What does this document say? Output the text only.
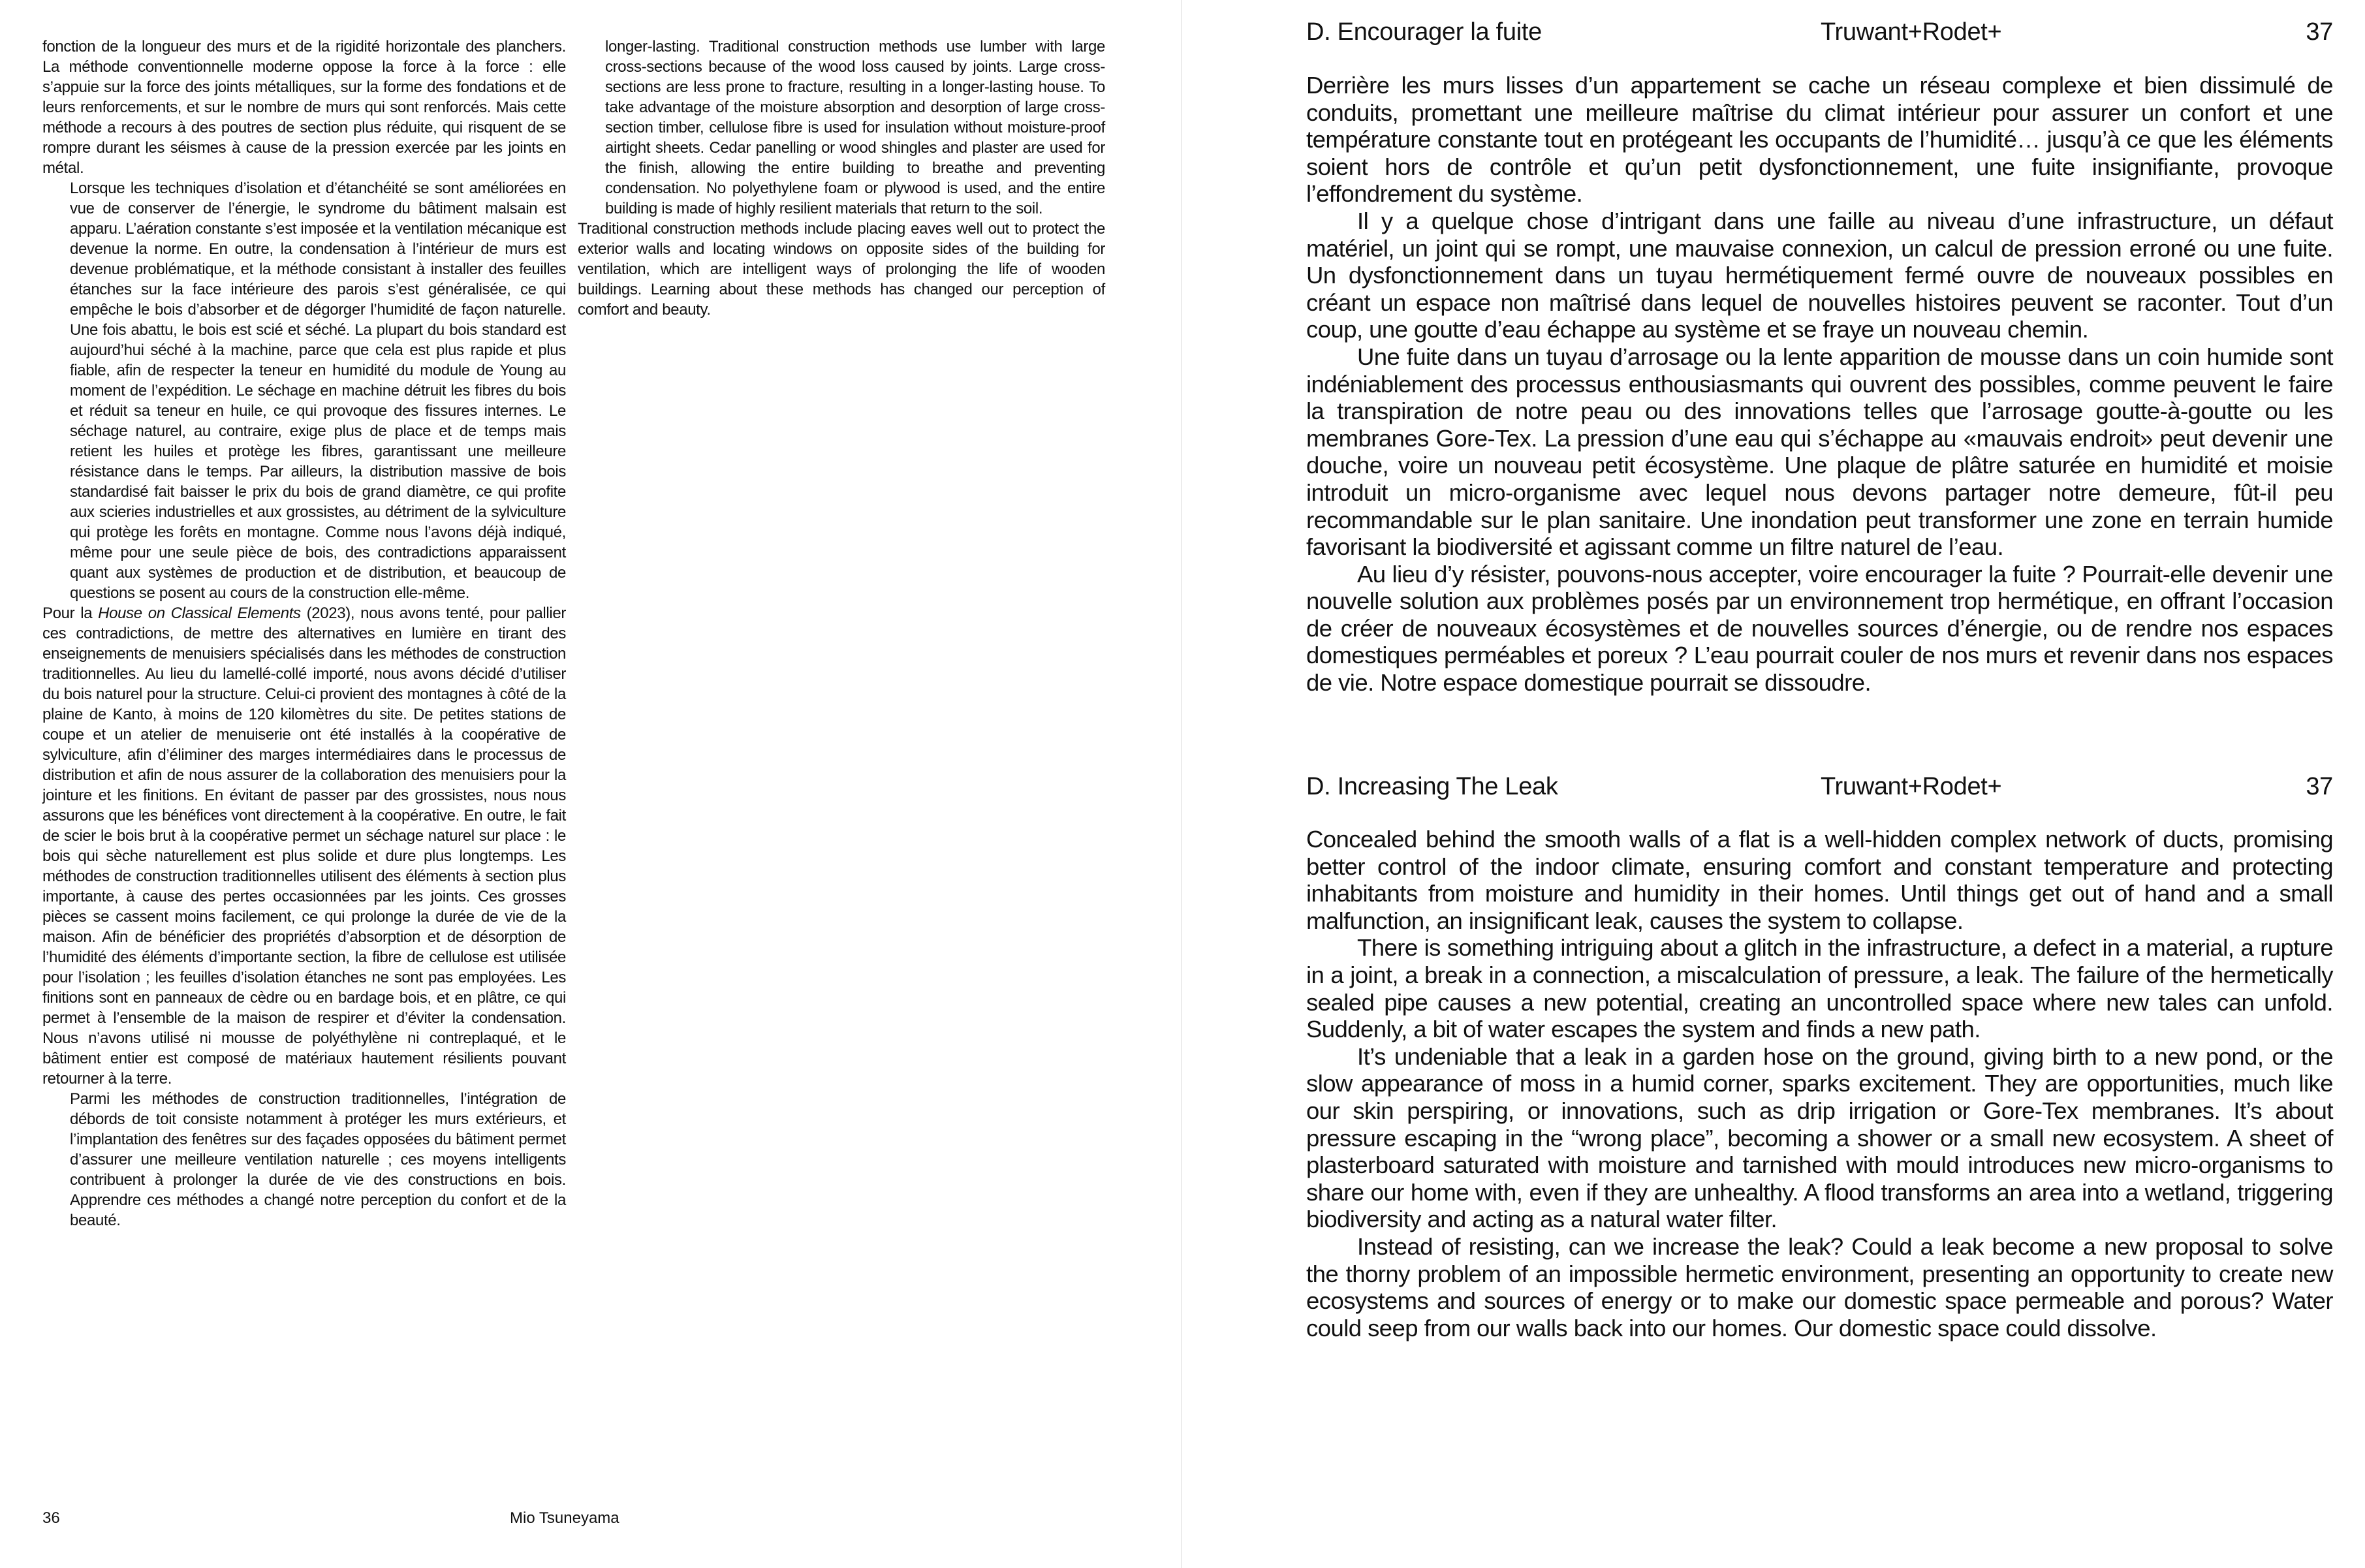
fonction de la longueur des murs et de la rigidité horizontale des planchers. La méthode conventionnelle moderne oppose la force à la force : elle s’appuie sur la force des joints métalliques, sur la forme des fondations et de leurs renforcements, et sur le nombre de murs qui sont renforcés. Mais cette méthode a recours à des poutres de section plus réduite, qui risquent de se rompre durant les séismes à cause de la pression exercée par les joints en métal.

Lorsque les techniques d’isolation et d’étanchéité se sont améliorées en vue de conserver de l’énergie, le syndrome du bâtiment malsain est apparu. L’aération constante s’est imposée et la ventilation mécanique est devenue la norme. En outre, la condensation à l’intérieur de murs est devenue problématique, et la méthode consistant à installer des feuilles étanches sur la face intérieure des parois s’est généralisée, ce qui empêche le bois d’absorber et de dégorger l’humidité de façon naturelle. Une fois abattu, le bois est scié et séché. La plupart du bois standard est aujourd’hui séché à la machine, parce que cela est plus rapide et plus fiable, afin de respecter la teneur en humidité du module de Young au moment de l’expédition. Le séchage en machine détruit les fibres du bois et réduit sa teneur en huile, ce qui provoque des fissures internes. Le séchage naturel, au contraire, exige plus de place et de temps mais retient les huiles et protège les fibres, garantissant une meilleure résistance dans le temps. Par ailleurs, la distribution massive de bois standardisé fait baisser le prix du bois de grand diamètre, ce qui profite aux scieries industrielles et aux grossistes, au détriment de la sylviculture qui protège les forêts en montagne. Comme nous l’avons déjà indiqué, même pour une seule pièce de bois, des contradictions apparaissent quant aux systèmes de production et de distribution, et beaucoup de questions se posent au cours de la construction elle-même.

Pour la House on Classical Elements (2023), nous avons tenté, pour pallier ces contradictions, de mettre des alternatives en lumière en tirant des enseignements de menuisiers spécialisés dans les méthodes de construction traditionnelles. Au lieu du lamellé-collé importé, nous avons décidé d’utiliser du bois naturel pour la structure. Celui-ci provient des montagnes à côté de la plaine de Kanto, à moins de 120 kilomètres du site. De petites stations de coupe et un atelier de menuiserie ont été installés à la coopérative de sylviculture, afin d’éliminer des marges intermédiaires dans le processus de distribution et afin de nous assurer de la collaboration des menuisiers pour la jointure et les finitions. En évitant de passer par des grossistes, nous nous assurons que les bénéfices vont directement à la coopérative. En outre, le fait de scier le bois brut à la coopérative permet un séchage naturel sur place : le bois qui sèche naturellement est plus solide et dure plus longtemps. Les méthodes de construction traditionnelles utilisent des éléments à section plus importante, à cause des pertes occasionnées par les joints. Ces grosses pièces se cassent moins facilement, ce qui prolonge la durée de vie de la maison. Afin de bénéficier des propriétés d’absorption et de désorption de l’humidité des éléments d’importante section, la fibre de cellulose est utilisée pour l’isolation ; les feuilles d’isolation étanches ne sont pas employées. Les finitions sont en panneaux de cèdre ou en bardage bois, et en plâtre, ce qui permet à l’ensemble de la maison de respirer et d’éviter la condensation. Nous n’avons utilisé ni mousse de polyéthylène ni contreplaqué, et le bâtiment entier est composé de matériaux hautement résilients pouvant retourner à la terre.

Parmi les méthodes de construction traditionnelles, l’intégration de débords de toit consiste notamment à protéger les murs extérieurs, et l’implantation des fenêtres sur des façades opposées du bâtiment permet d’assurer une meilleure ventilation naturelle ; ces moyens intelligents contribuent à prolonger la durée de vie des constructions en bois. Apprendre ces méthodes a changé notre perception du confort et de la beauté.

longer-lasting. Traditional construction methods use lumber with large cross-sections because of the wood loss caused by joints. Large cross-sections are less prone to fracture, resulting in a longer-lasting house. To take advantage of the moisture absorption and desorption of large cross-section timber, cellulose fibre is used for insulation without moisture-proof airtight sheets. Cedar panelling or wood shingles and plaster are used for the finish, allowing the entire building to breathe and preventing condensation. No polyethylene foam or plywood is used, and the entire building is made of highly resilient materials that return to the soil.

Traditional construction methods include placing eaves well out to protect the exterior walls and locating windows on opposite sides of the building for ventilation, which are intelligent ways of prolonging the life of wooden buildings. Learning about these methods has changed our perception of comfort and beauty.

36	Mio Tsuneyama
D. Encourager la fuite	Truwant+Rodet+	37

Derrière les murs lisses d’un appartement se cache un réseau complexe et bien dissimulé de conduits, promettant une meilleure maîtrise du climat intérieur pour assurer un confort et une température constante tout en protégeant les occupants de l’humidité… jusqu’à ce que les éléments soient hors de contrôle et qu’un petit dysfonctionnement, une fuite insignifiante, provoque l’effondrement du système.

Il y a quelque chose d’intrigant dans une faille au niveau d’une infrastructure, un défaut matériel, un joint qui se rompt, une mauvaise connexion, un calcul de pression erroné ou une fuite. Un dysfonctionnement dans un tuyau hermétiquement fermé ouvre de nouveaux possibles en créant un espace non maîtrisé dans lequel de nouvelles histoires peuvent se raconter. Tout d’un coup, une goutte d’eau échappe au système et se fraye un nouveau chemin.

Une fuite dans un tuyau d’arrosage ou la lente apparition de mousse dans un coin humide sont indéniablement des processus enthousiasmants qui ouvrent des possibles, comme peuvent le faire la transpiration de notre peau ou des innovations telles que l’arrosage goutte-à-goutte ou les membranes Gore-Tex. La pression d’une eau qui s’échappe au «mauvais endroit» peut devenir une douche, voire un nouveau petit écosystème. Une plaque de plâtre saturée en humidité et moisie introduit un micro-organisme avec lequel nous devons partager notre demeure, fût-il peu recommandable sur le plan sanitaire. Une inondation peut transformer une zone en terrain humide favorisant la biodiversité et agissant comme un filtre naturel de l’eau.

Au lieu d’y résister, pouvons-nous accepter, voire encourager la fuite ? Pourrait-elle devenir une nouvelle solution aux problèmes posés par un environnement trop hermétique, en offrant l’occasion de créer de nouveaux écosystèmes et de nouvelles sources d’énergie, ou de rendre nos espaces domestiques perméables et poreux ? L’eau pourrait couler de nos murs et revenir dans nos espaces de vie. Notre espace domestique pourrait se dissoudre.

D. Increasing The Leak	Truwant+Rodet+	37

Concealed behind the smooth walls of a flat is a well-hidden complex network of ducts, promising better control of the indoor climate, ensuring comfort and constant temperature and protecting inhabitants from moisture and humidity in their homes. Until things get out of hand and a small malfunction, an insignificant leak, causes the system to collapse.

There is something intriguing about a glitch in the infrastructure, a defect in a material, a rupture in a joint, a break in a connection, a miscalculation of pressure, a leak. The failure of the hermetically sealed pipe causes a new potential, creating an uncontrolled space where new tales can unfold. Suddenly, a bit of water escapes the system and finds a new path.

It’s undeniable that a leak in a garden hose on the ground, giving birth to a new pond, or the slow appearance of moss in a humid corner, sparks excitement. They are opportunities, much like our skin perspiring, or innovations, such as drip irrigation or Gore-Tex membranes. It’s about pressure escaping in the “wrong place”, becoming a shower or a small new ecosystem. A sheet of plasterboard saturated with moisture and tarnished with mould introduces new micro-organisms to share our home with, even if they are unhealthy. A flood transforms an area into a wetland, triggering biodiversity and acting as a natural water filter.

Instead of resisting, can we increase the leak? Could a leak become a new proposal to solve the thorny problem of an impossible hermetic environment, presenting an opportunity to create new ecosystems and sources of energy or to make our domestic space permeable and porous? Water could seep from our walls back into our homes. Our domestic space could dissolve.
